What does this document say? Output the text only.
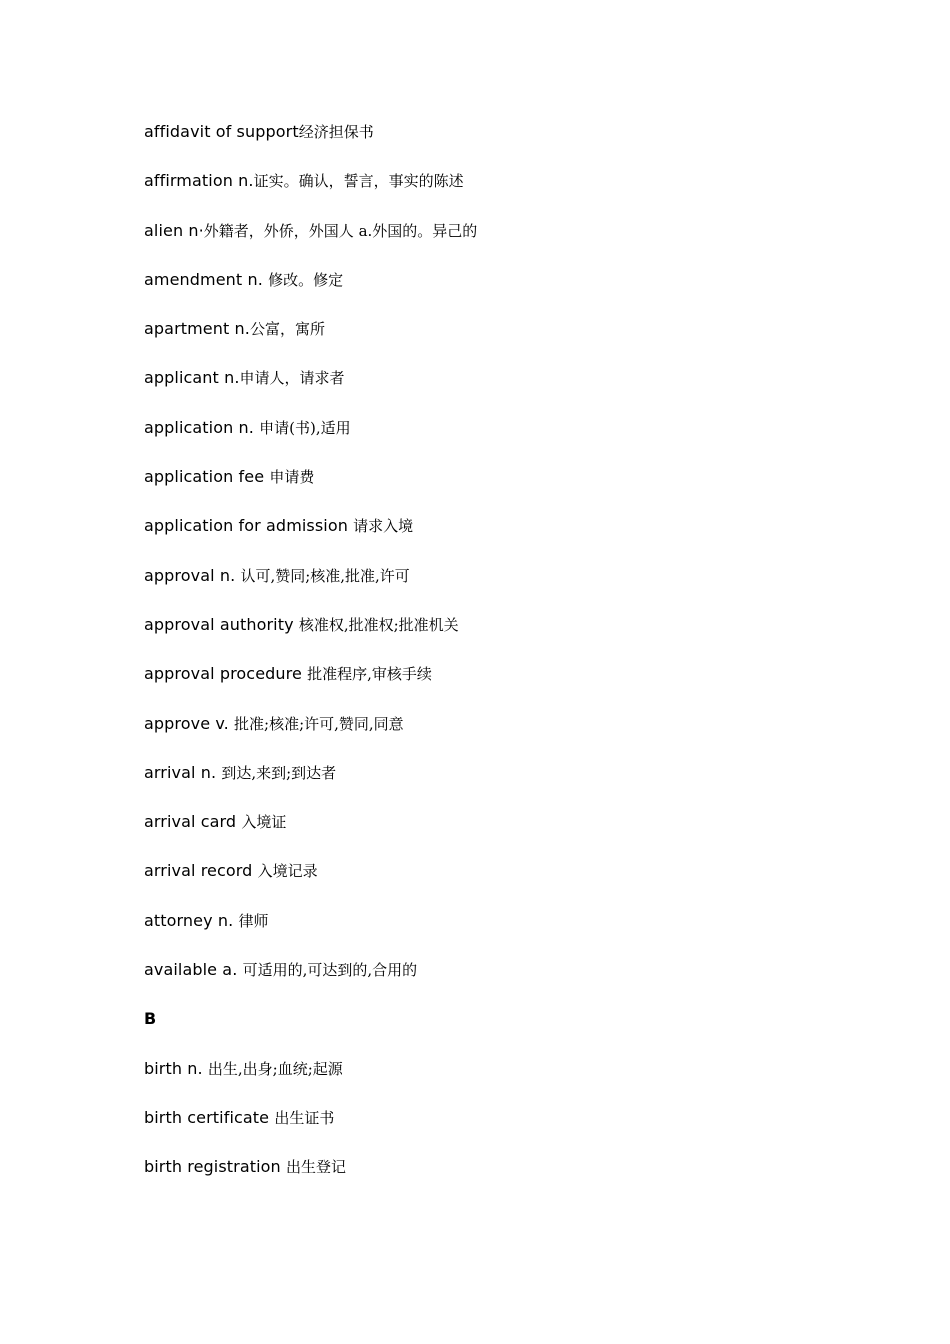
affidavit of support经济担保书
affirmation n.证实。确认，誓言，事实的陈述
alien n·外籍者，外侨，外国人 a.外国的。异己的
amendment n. 修改。修定
apartment n.公富，寓所
applicant n.申请人，请求者
application n. 申请(书),适用
application fee 申请费
application for admission 请求入境
approval n. 认可,赞同;核准,批准,许可
approval authority 核准权,批准权;批准机关
approval procedure 批准程序,审核手续
approve v. 批准;核准;许可,赞同,同意
arrival n. 到达,来到;到达者
arrival card 入境证
arrival record 入境记录
attorney n. 律师
available a. 可适用的,可达到的,合用的
B
birth n. 出生,出身;血统;起源
birth certificate 出生证书
birth registration 出生登记
